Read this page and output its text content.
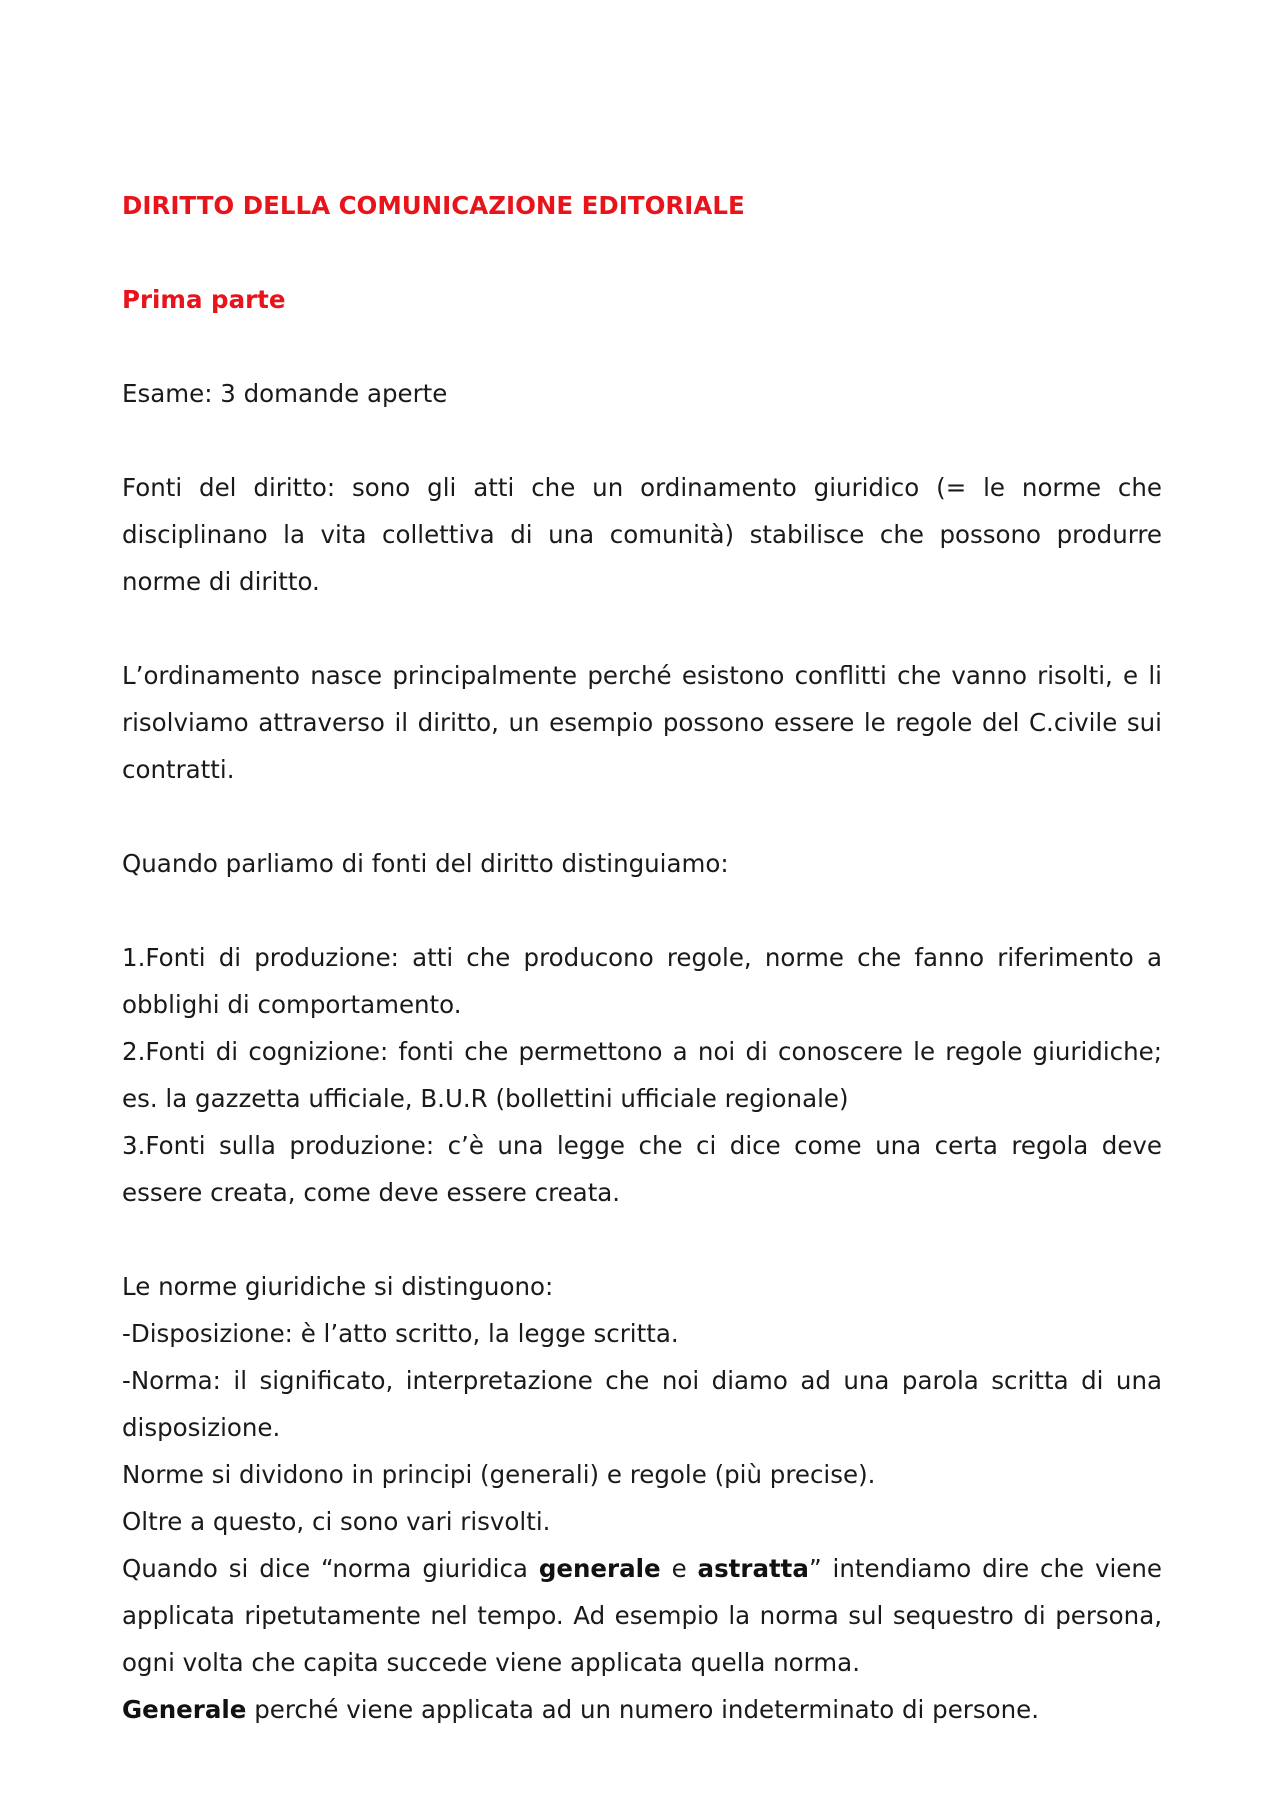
DIRITTO DELLA COMUNICAZIONE EDITORIALE

Prima parte

Esame: 3 domande aperte

Fonti del diritto: sono gli atti che un ordinamento giuridico (= le norme che disciplinano la vita collettiva di una comunità) stabilisce che possono produrre norme di diritto.

L’ordinamento nasce principalmente perché esistono conflitti che vanno risolti, e li risolviamo attraverso il diritto, un esempio possono essere le regole del C.civile sui contratti.

Quando parliamo di fonti del diritto distinguiamo:

1.Fonti di produzione: atti che producono regole, norme che fanno riferimento a obblighi di comportamento.

2.Fonti di cognizione: fonti che permettono a noi di conoscere le regole giuridiche; es. la gazzetta ufficiale, B.U.R (bollettini ufficiale regionale)

3.Fonti sulla produzione: c’è una legge che ci dice come una certa regola deve essere creata, come deve essere creata.

Le norme giuridiche si distinguono:

-Disposizione: è l’atto scritto, la legge scritta.

-Norma: il significato, interpretazione che noi diamo ad una parola scritta di una disposizione.

Norme si dividono in principi (generali) e regole (più precise).

Oltre a questo, ci sono vari risvolti.

Quando si dice “norma giuridica generale e astratta” intendiamo dire che viene applicata ripetutamente nel tempo. Ad esempio la norma sul sequestro di persona, ogni volta che capita succede viene applicata quella norma.

Generale perché viene applicata ad un numero indeterminato di persone.
